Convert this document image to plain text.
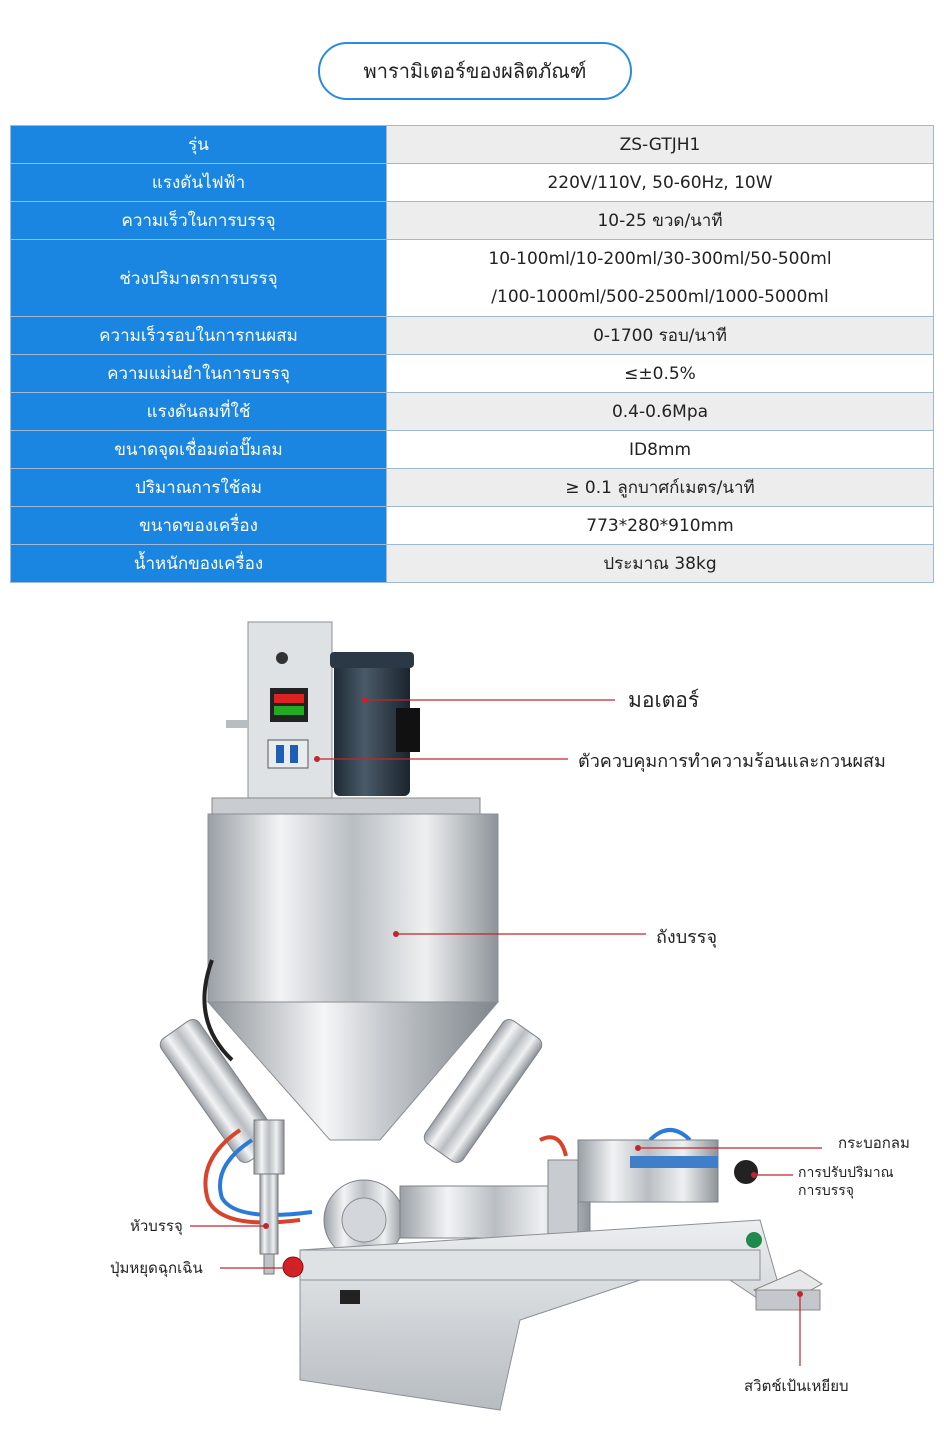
พารามิเตอร์ของผลิตภัณฑ์
รุ่น	ZS-GTJH1
แรงดันไฟฟ้า	220V/110V, 50-60Hz, 10W
ความเร็วในการบรรจุ	10-25 ขวด/นาที
ช่วงปริมาตรการบรรจุ	10-100ml/10-200ml/30-300ml/50-500ml
/100-1000ml/500-2500ml/1000-5000ml

ความเร็วรอบในการกนผสม	0-1700 รอบ/นาที
ความแม่นยำในการบรรจุ	≤±0.5%
แรงดันลมที่ใช้	0.4-0.6Mpa
ขนาดจุดเชื่อมต่อปั๊มลม	ID8mm
ปริมาณการใช้ลม	≥ 0.1 ลูกบาศก์เมตร/นาที
ขนาดของเครื่อง	773*280*910mm
น้ำหนักของเครื่อง	ประมาณ 38kg
มอเตอร์
ตัวควบคุมการทำความร้อนและกวนผสม
ถังบรรจุ
กระบอกลม
การปรับปริมาณ
การบรรจุ
หัวบรรจุ
ปุ่มหยุดฉุกเฉิน
สวิตช์เป้นเหยียบ
